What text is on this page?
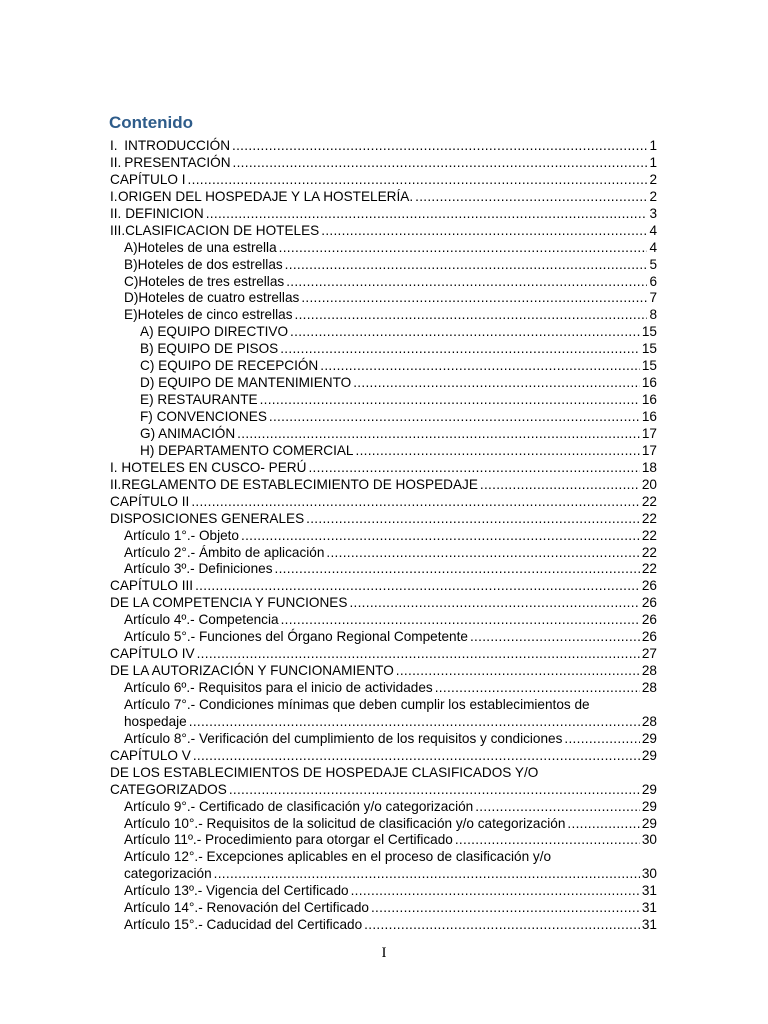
Contenido
I. INTRODUCCIÓN .....	1
II. PRESENTACIÓN .....	1
CAPÍTULO I .....	2
I. ORIGEN DEL HOSPEDAJE Y LA HOSTELERÍA. .....	2
II. DEFINICION .....	3
III. CLASIFICACION DE HOTELES .....	4
A) Hoteles de una estrella .....	4
B) Hoteles de dos estrellas .....	5
C) Hoteles de tres estrellas .....	6
D) Hoteles de cuatro estrellas .....	7
E) Hoteles de cinco estrellas .....	8
A) EQUIPO DIRECTIVO .....	15
B) EQUIPO DE PISOS .....	15
C) EQUIPO DE RECEPCIÓN .....	15
D) EQUIPO DE MANTENIMIENTO .....	16
E) RESTAURANTE .....	16
F) CONVENCIONES .....	16
G) ANIMACIÓN .....	17
H) DEPARTAMENTO COMERCIAL .....	17
I. HOTELES EN CUSCO- PERÚ .....	18
II. REGLAMENTO DE ESTABLECIMIENTO DE HOSPEDAJE .....	20
CAPÍTULO II .....	22
DISPOSICIONES GENERALES .....	22
Artículo 1°.- Objeto .....	22
Artículo 2°.- Ámbito de aplicación .....	22
Artículo 3º.- Definiciones .....	22
CAPÍTULO III .....	26
DE LA COMPETENCIA Y FUNCIONES .....	26
Artículo 4º.- Competencia .....	26
Artículo 5°.- Funciones del Órgano Regional Competente .....	26
CAPÍTULO IV .....	27
DE LA AUTORIZACIÓN Y FUNCIONAMIENTO .....	28
Artículo 6º.- Requisitos para el inicio de actividades .....	28
Artículo 7°.- Condiciones mínimas que deben cumplir los establecimientos de
hospedaje .....	28
Artículo 8°.- Verificación del cumplimiento de los requisitos y condiciones .....	29
CAPÍTULO V .....	29
DE LOS ESTABLECIMIENTOS DE HOSPEDAJE CLASIFICADOS Y/O
CATEGORIZADOS .....	29
Artículo 9°.- Certificado de clasificación y/o categorización .....	29
Artículo 10°.- Requisitos de la solicitud de clasificación y/o categorización .....	29
Artículo 11º.- Procedimiento para otorgar el Certificado .....	30
Artículo 12°.- Excepciones aplicables en el proceso de clasificación y/o
categorización .....	30
Artículo 13º.- Vigencia del Certificado .....	31
Artículo 14°.- Renovación del Certificado .....	31
Artículo 15°.- Caducidad del Certificado .....	31
I
